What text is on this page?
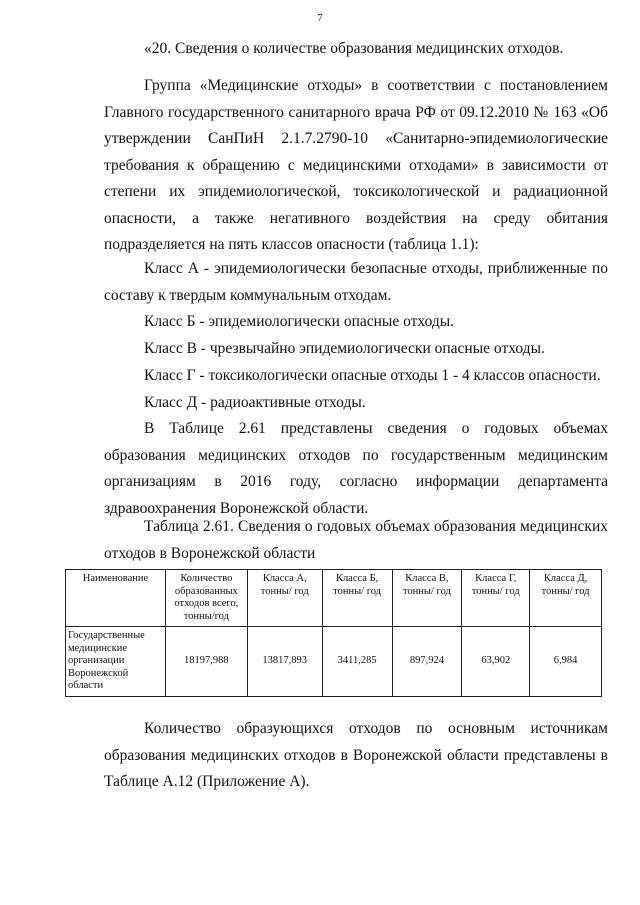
7
«20. Сведения о количестве образования медицинских отходов.
Группа «Медицинские отходы» в соответствии с постановлением Главного государственного санитарного врача РФ от 09.12.2010 № 163 «Об утверждении СанПиН 2.1.7.2790-10 «Санитарно-эпидемиологические требования к обращению с медицинскими отходами» в зависимости от степени их эпидемиологической, токсикологической и радиационной опасности, а также негативного воздействия на среду обитания подразделяется на пять классов опасности (таблица 1.1):
Класс А - эпидемиологически безопасные отходы, приближенные по составу к твердым коммунальным отходам.
Класс Б - эпидемиологически опасные отходы.
Класс В - чрезвычайно эпидемиологически опасные отходы.
Класс Г - токсикологически опасные отходы 1 - 4 классов опасности.
Класс Д - радиоактивные отходы.
В Таблице 2.61 представлены сведения о годовых объемах образования медицинских отходов по государственным медицинским организациям в 2016 году, согласно информации департамента здравоохранения Воронежской области.
Таблица 2.61. Сведения о годовых объемах образования медицинских отходов в Воронежской области
Наименование	Количество образованных отходов всего, тонны/год	Класса А, тонны/ год	Класса Б, тонны/ год	Класса В, тонны/ год	Класса Г, тонны/ год	Класса Д, тонны/ год
Государственные медицинские организации Воронежской области	18197,988	13817,893	3411,285	897,924	63,902	6,984
Количество образующихся отходов по основным источникам образования медицинских отходов в Воронежской области представлены в Таблице А.12 (Приложение А).
